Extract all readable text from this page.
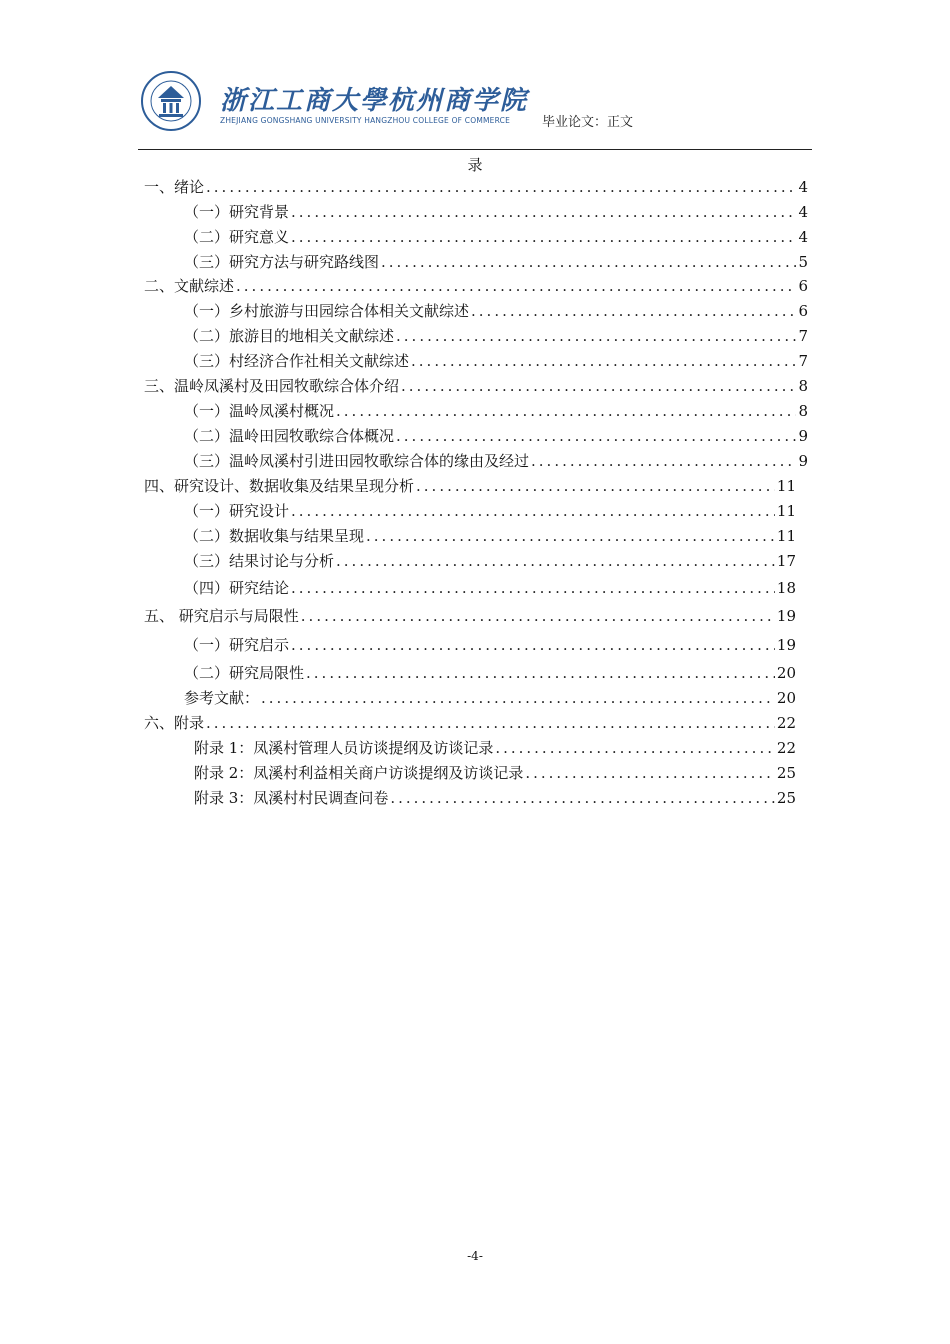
浙江工商大學杭州商学院
ZHEJIANG GONGSHANG UNIVERSITY HANGZHOU COLLEGE OF COMMERCE 毕业论文：正文
录
一、绪论 .....	4
（一）研究背景 .....	4
（二）研究意义 .....	4
（三）研究方法与研究路线图 .....	5
二、文献综述 .....	6
（一）乡村旅游与田园综合体相关文献综述 .....	6
（二）旅游目的地相关文献综述 .....	7
（三）村经济合作社相关文献综述 .....	7
三、温岭凤溪村及田园牧歌综合体介绍 .....	8
（一）温岭凤溪村概况 .....	8
（二）温岭田园牧歌综合体概况 .....	9
（三）温岭凤溪村引进田园牧歌综合体的缘由及经过 .....	9
四、研究设计、数据收集及结果呈现分析 .....	11
（一）研究设计 .....	11
（二）数据收集与结果呈现 .....	11
（三）结果讨论与分析 .....	17
（四）研究结论 .....	18
五、 研究启示与局限性 .....	19
（一）研究启示 .....	19
（二）研究局限性 .....	20
参考文献： .....	20
六、附录 .....	22
附录 1：凤溪村管理人员访谈提纲及访谈记录 .....	22
附录 2：凤溪村利益相关商户访谈提纲及访谈记录 .....	25
附录 3：凤溪村村民调查问卷 .....	25
-4-
